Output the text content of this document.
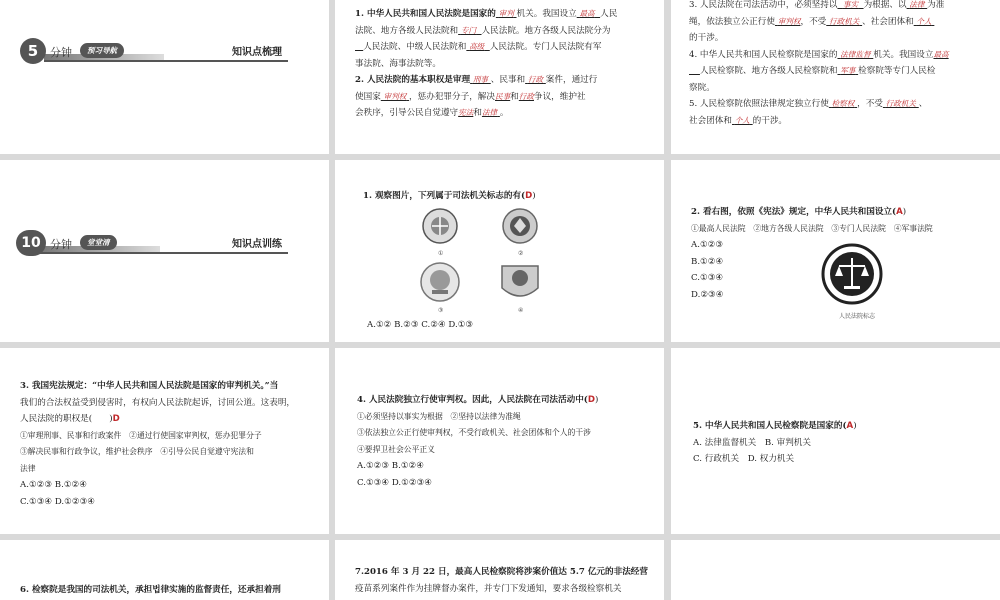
5	分钟	预习导航	知识点梳理

1. 中华人民共和国人民法院是国家的 审判 机关。我国设立 最高 人民

法院、地方各级人民法院和 专门 人民法院。地方各级人民法院分为

人民法院、中级人民法院和 高级 人民法院。专门人民法院有军

事法院、海事法院等。

2. 人民法院的基本职权是审理 刑事 、民事和 行政 案件，通过行

使国家 审判权 ，惩办犯罪分子，解决民事和行政争议，维护社

会秩序，引导公民自觉遵守宪法和法律 。

3. 人民法院在司法活动中，必须坚持以 事实 为根据、以 法律 为准

绳，依法独立公正行使 审判权，不受 行政机关 、社会团体和 个人

的干涉。

4. 中华人民共和国人民检察院是国家的 法律监督 机关。我国设立最高

人民检察院、地方各级人民检察院和 军事 检察院等专门人民检

察院。

5. 人民检察院依照法律规定独立行使 检察权 ，不受 行政机关 、

社会团体和 个人 的干涉。

10 分钟	堂堂清	知识点训练

1. 观察图片，下列属于司法机关标志的有(D)

①	②
③	④

A.①② B.②③ C.②④ D.①③

2. 看右图，依照《宪法》规定，中华人民共和国设立(A)

①最高人民法院　②地方各级人民法院　③专门人民法院　④军事法院

A.①②③

B.①②④

C.①③④

D.②③④

人民法院标志

3. 我国宪法规定：“中华人民共和国人民法院是国家的审判机关。”当

我们的合法权益受到侵害时，有权向人民法院起诉，讨回公道。这表明，

人民法院的职权是(　　)D

①审理刑事、民事和行政案件　②通过行使国家审判权，惩办犯罪分子

③解决民事和行政争议，维护社会秩序　④引导公民自觉遵守宪法和

法律

A.①②③ B.①②④

C.①③④ D.①②③④

4. 人民法院独立行使审判权。因此，人民法院在司法活动中(D)

①必须坚持以事实为根据　②坚持以法律为准绳

③依法独立公正行使审判权，不受行政机关、社会团体和个人的干涉

④要捍卫社会公平正义

A.①②③ B.①②④

C.①③④ D.①②③④

5. 中华人民共和国人民检察院是国家的(A)

A. 法律监督机关　B. 审判机关

C. 行政机关　D. 权力机关

6. 检察院是我国的司法机关，承担법律实施的监督责任，还承担着刑

7.2016 年 3 月 22 日，最高人民检察院将涉案价值达 5.7 亿元的非法经营

疫苗系列案件作为挂牌督办案件，并专门下发通知，要求各级检察机关
